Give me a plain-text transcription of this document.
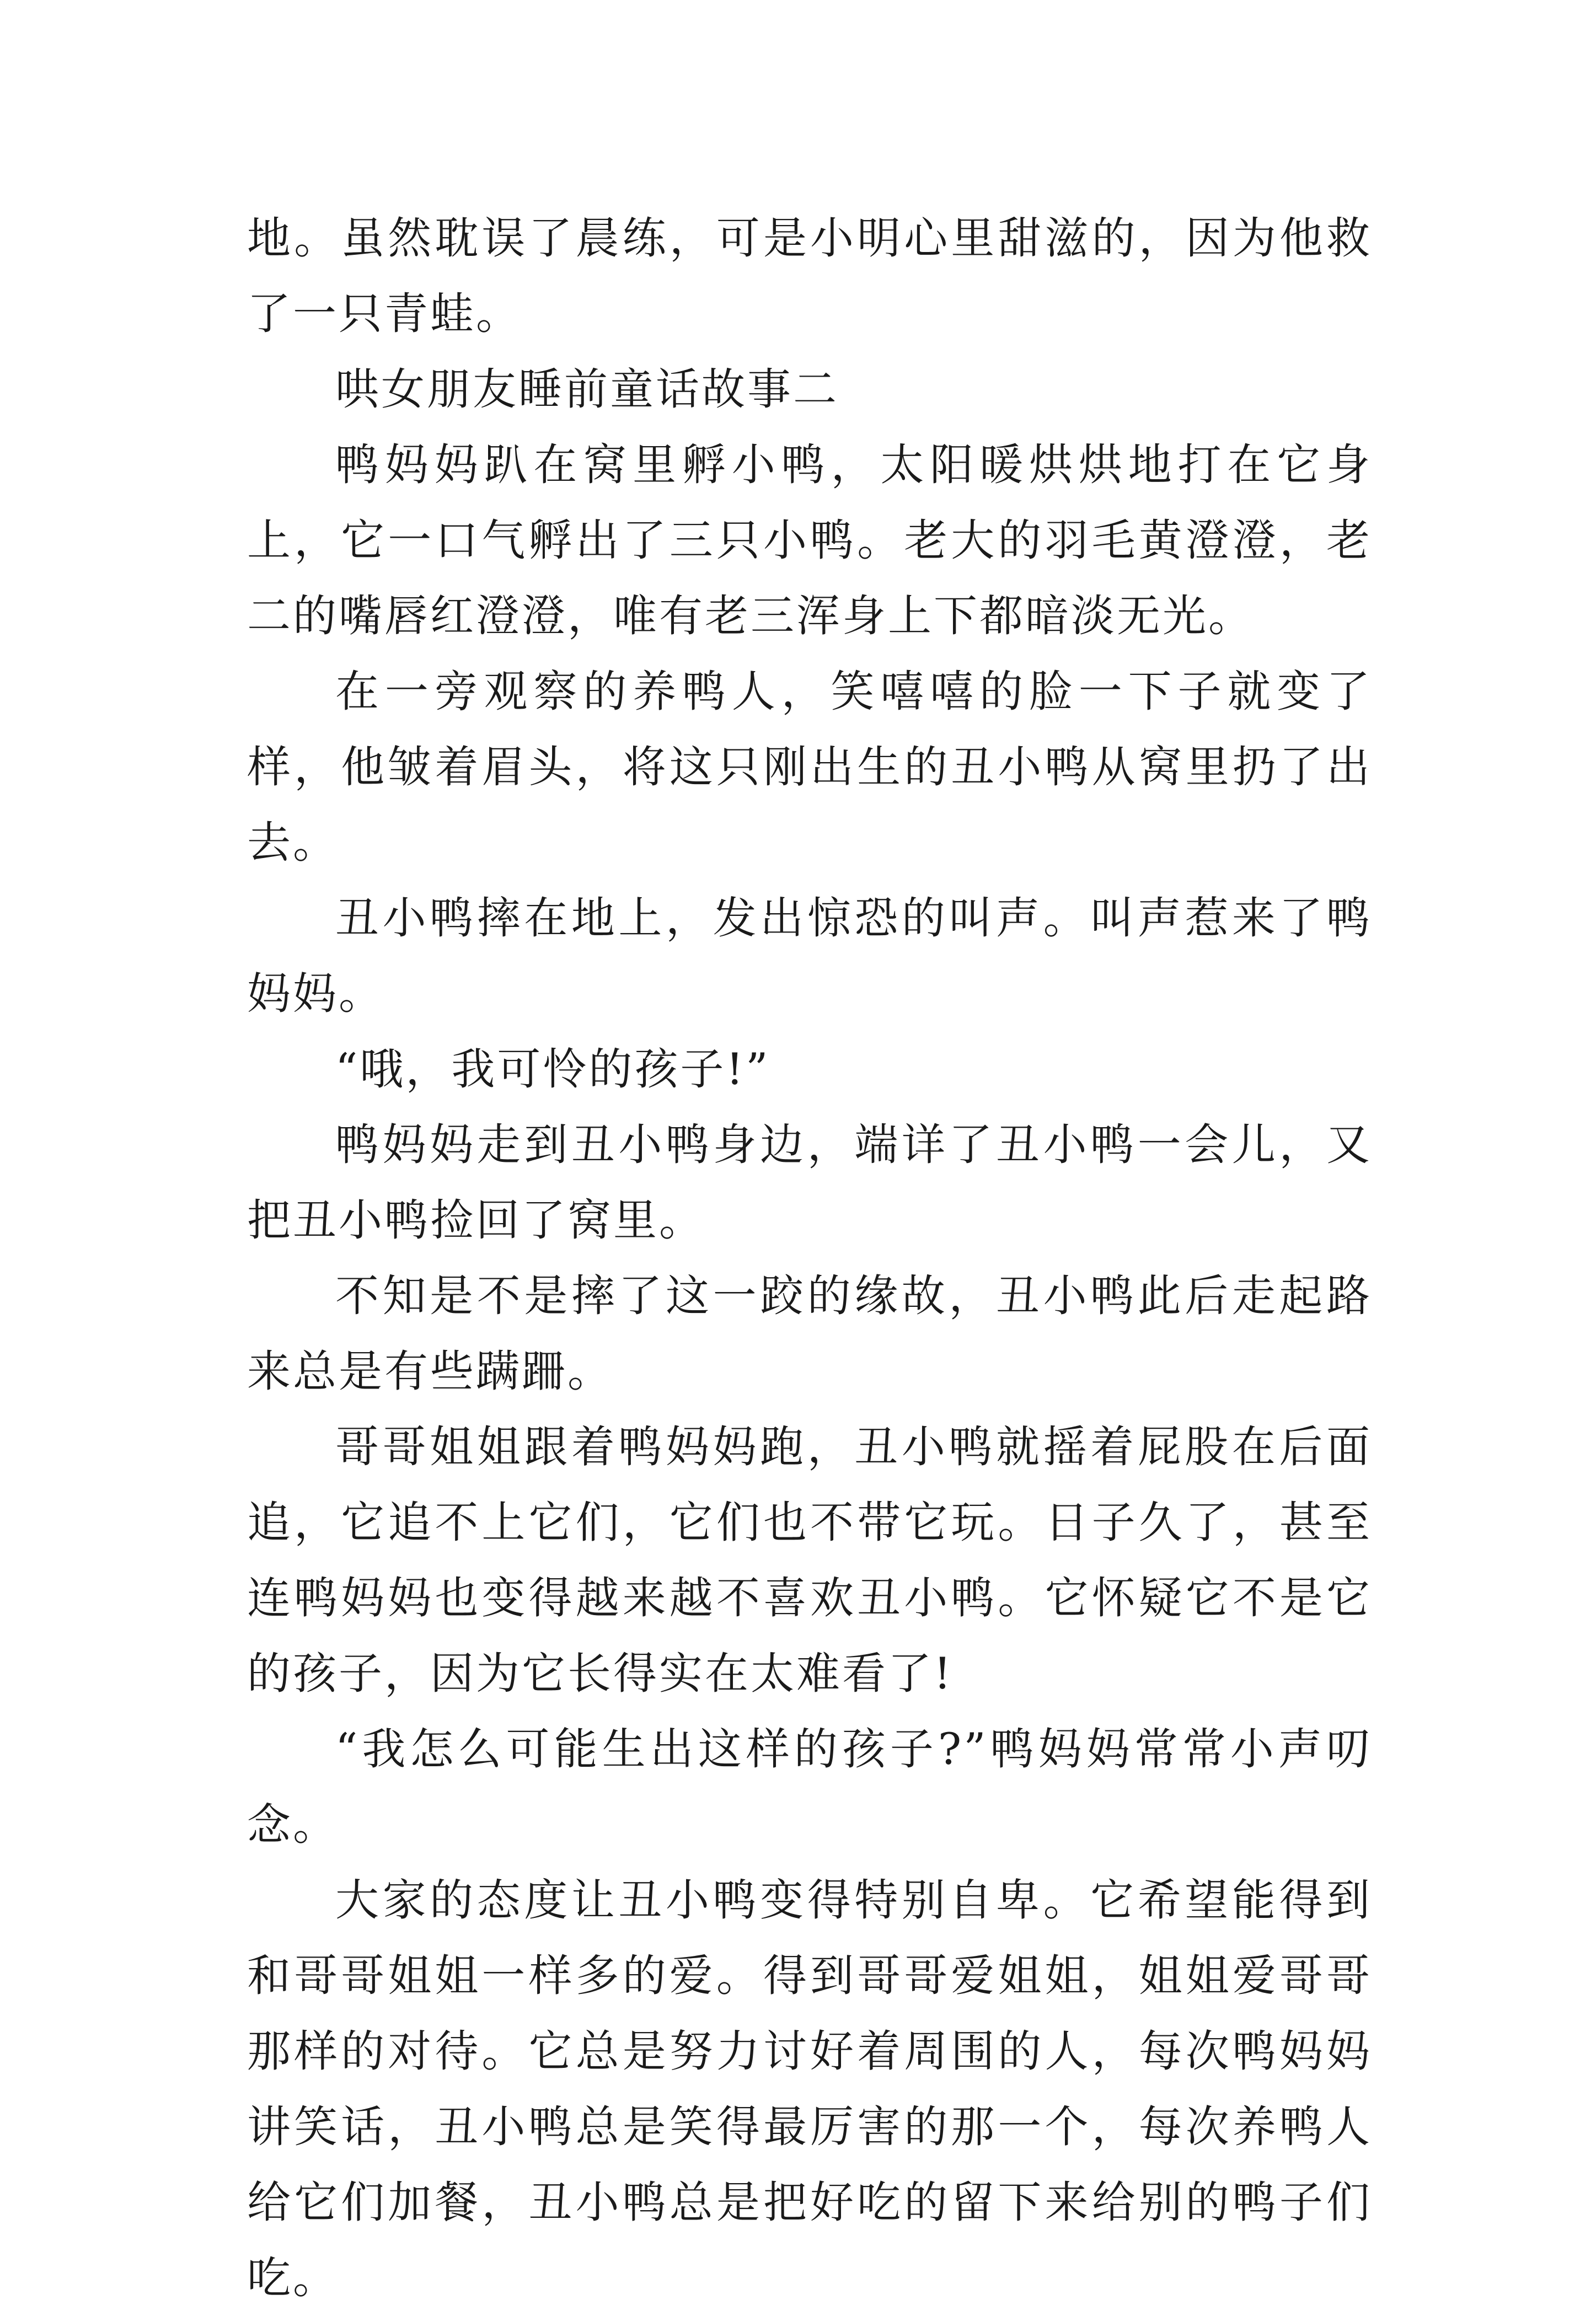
地。虽然耽误了晨练，可是小明心里甜滋的，因为他救了一只青蛙。

哄女朋友睡前童话故事二

鸭妈妈趴在窝里孵小鸭，太阳暖烘烘地打在它身上，它一口气孵出了三只小鸭。老大的羽毛黄澄澄，老二的嘴唇红澄澄，唯有老三浑身上下都暗淡无光。

在一旁观察的养鸭人，笑嘻嘻的脸一下子就变了样，他皱着眉头，将这只刚出生的丑小鸭从窝里扔了出去。

丑小鸭摔在地上，发出惊恐的叫声。叫声惹来了鸭妈妈。

“哦，我可怜的孩子!”

鸭妈妈走到丑小鸭身边，端详了丑小鸭一会儿，又把丑小鸭捡回了窝里。

不知是不是摔了这一跤的缘故，丑小鸭此后走起路来总是有些蹒跚。

哥哥姐姐跟着鸭妈妈跑，丑小鸭就摇着屁股在后面追，它追不上它们，它们也不带它玩。日子久了，甚至连鸭妈妈也变得越来越不喜欢丑小鸭。它怀疑它不是它的孩子，因为它长得实在太难看了!

“我怎么可能生出这样的孩子?”鸭妈妈常常小声叨念。

大家的态度让丑小鸭变得特别自卑。它希望能得到和哥哥姐姐一样多的爱。得到哥哥爱姐姐，姐姐爱哥哥那样的对待。它总是努力讨好着周围的人，每次鸭妈妈讲笑话，丑小鸭总是笑得最厉害的那一个，每次养鸭人给它们加餐，丑小鸭总是把好吃的留下来给别的鸭子们吃。
